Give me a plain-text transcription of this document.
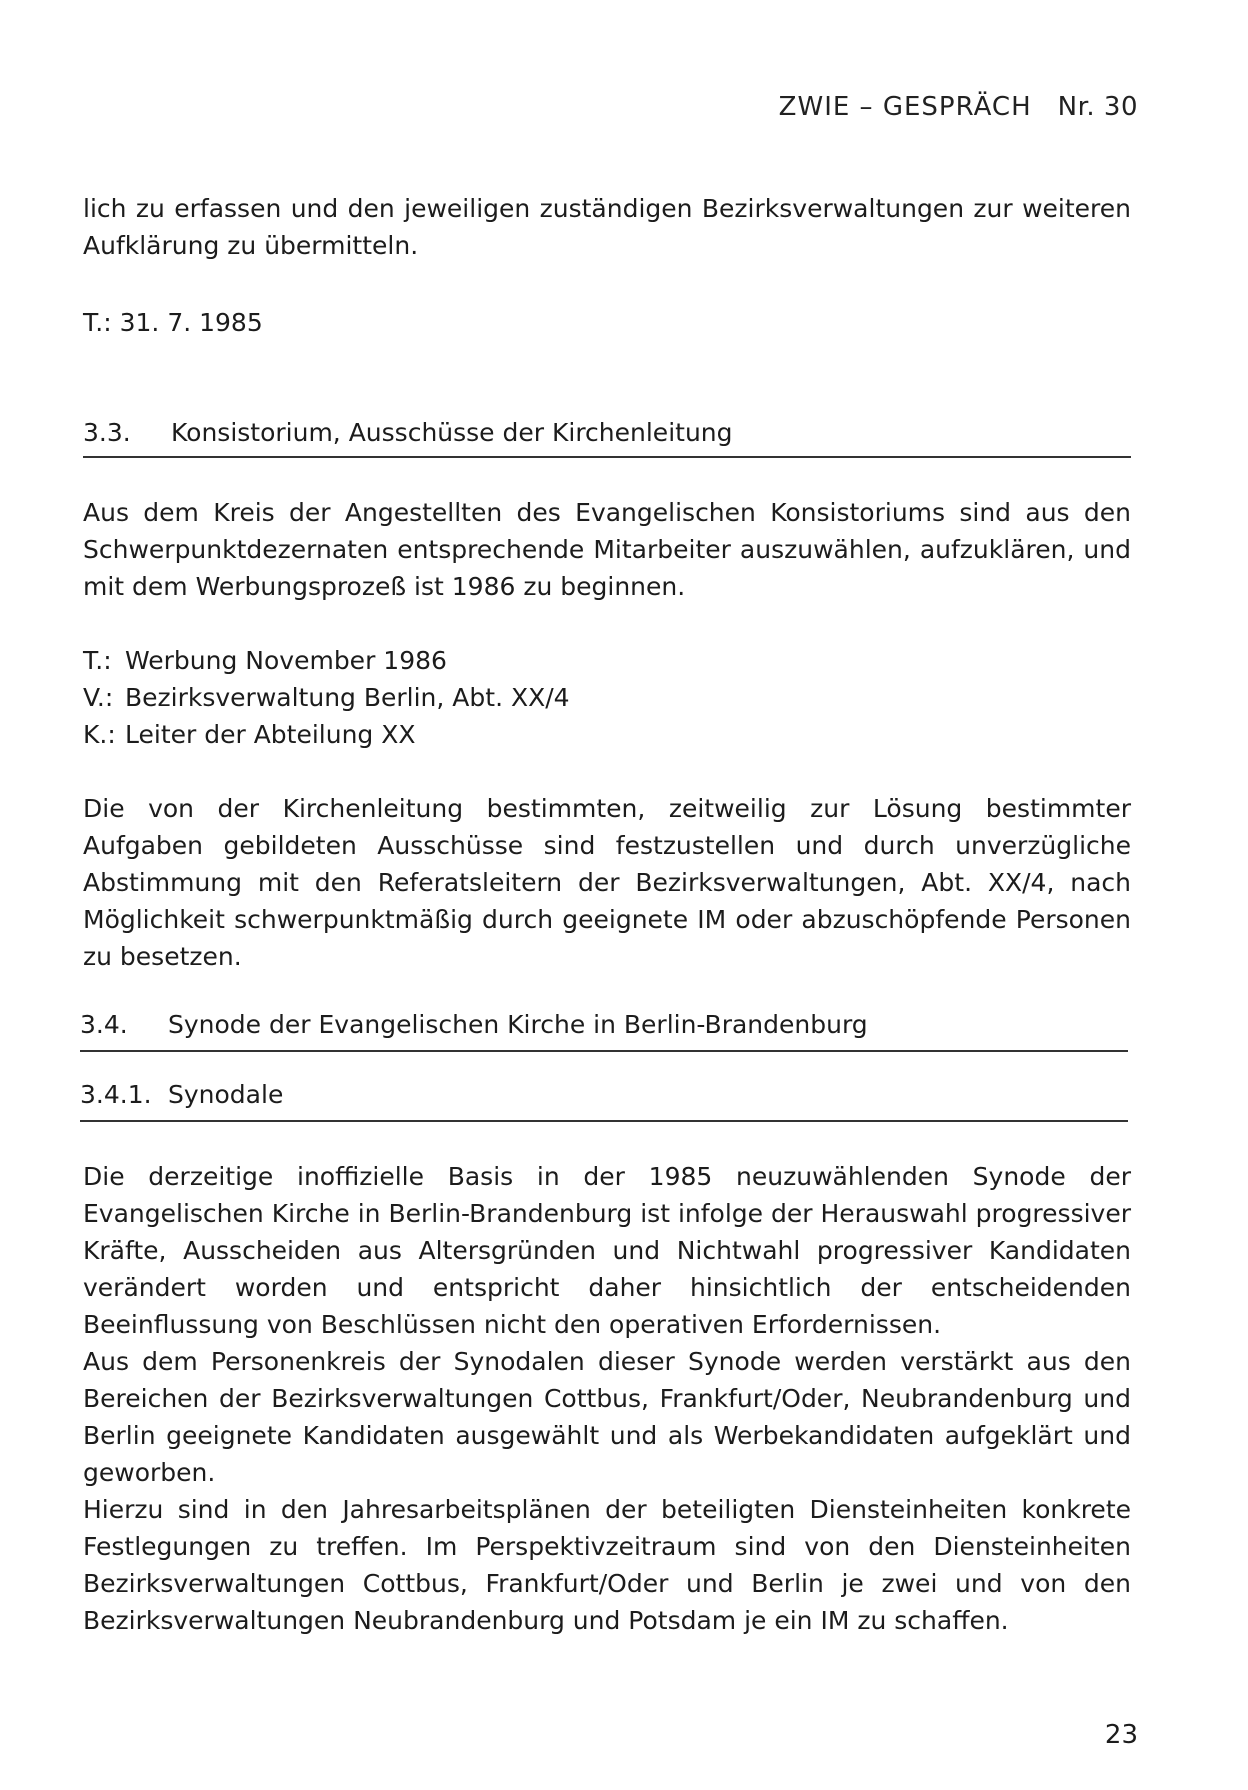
ZWIE – GESPRÄCH Nr. 30

lich zu erfassen und den jeweiligen zuständigen Bezirksverwaltungen zur weiteren Aufklärung zu übermitteln.

T.: 31. 7. 1985
3.3. Konsistorium, Ausschüsse der Kirchenleitung

Aus dem Kreis der Angestellten des Evangelischen Konsistoriums sind aus den Schwerpunktdezernaten entsprechende Mitarbeiter auszuwählen, aufzuklären, und mit dem Werbungsprozeß ist 1986 zu beginnen.

T.: Werbung November 1986
V.: Bezirksverwaltung Berlin, Abt. XX/4
K.: Leiter der Abteilung XX

Die von der Kirchenleitung bestimmten, zeitweilig zur Lösung bestimmter Aufgaben gebildeten Ausschüsse sind festzustellen und durch unverzügliche Abstimmung mit den Referatsleitern der Bezirksverwaltungen, Abt. XX/4, nach Möglichkeit schwerpunktmäßig durch geeignete IM oder abzuschöpfende Personen zu besetzen.

3.4. Synode der Evangelischen Kirche in Berlin-Brandenburg
3.4.1. Synodale

Die derzeitige inoffizielle Basis in der 1985 neuzuwählenden Synode der Evangelischen Kirche in Berlin-Brandenburg ist infolge der Herauswahl progressiver Kräfte, Ausscheiden aus Altersgründen und Nichtwahl progressiver Kandidaten verändert worden und entspricht daher hinsichtlich der entscheidenden Beeinflussung von Beschlüssen nicht den operativen Erfordernissen.

Aus dem Personenkreis der Synodalen dieser Synode werden verstärkt aus den Bereichen der Bezirksverwaltungen Cottbus, Frankfurt/Oder, Neubrandenburg und Berlin geeignete Kandidaten ausgewählt und als Werbekandidaten aufgeklärt und geworben.

Hierzu sind in den Jahresarbeitsplänen der beteiligten Diensteinheiten konkrete Festlegungen zu treffen. Im Perspektivzeitraum sind von den Diensteinheiten Bezirksverwaltungen Cottbus, Frankfurt/Oder und Berlin je zwei und von den Bezirksverwaltungen Neubrandenburg und Potsdam je ein IM zu schaffen.

23
